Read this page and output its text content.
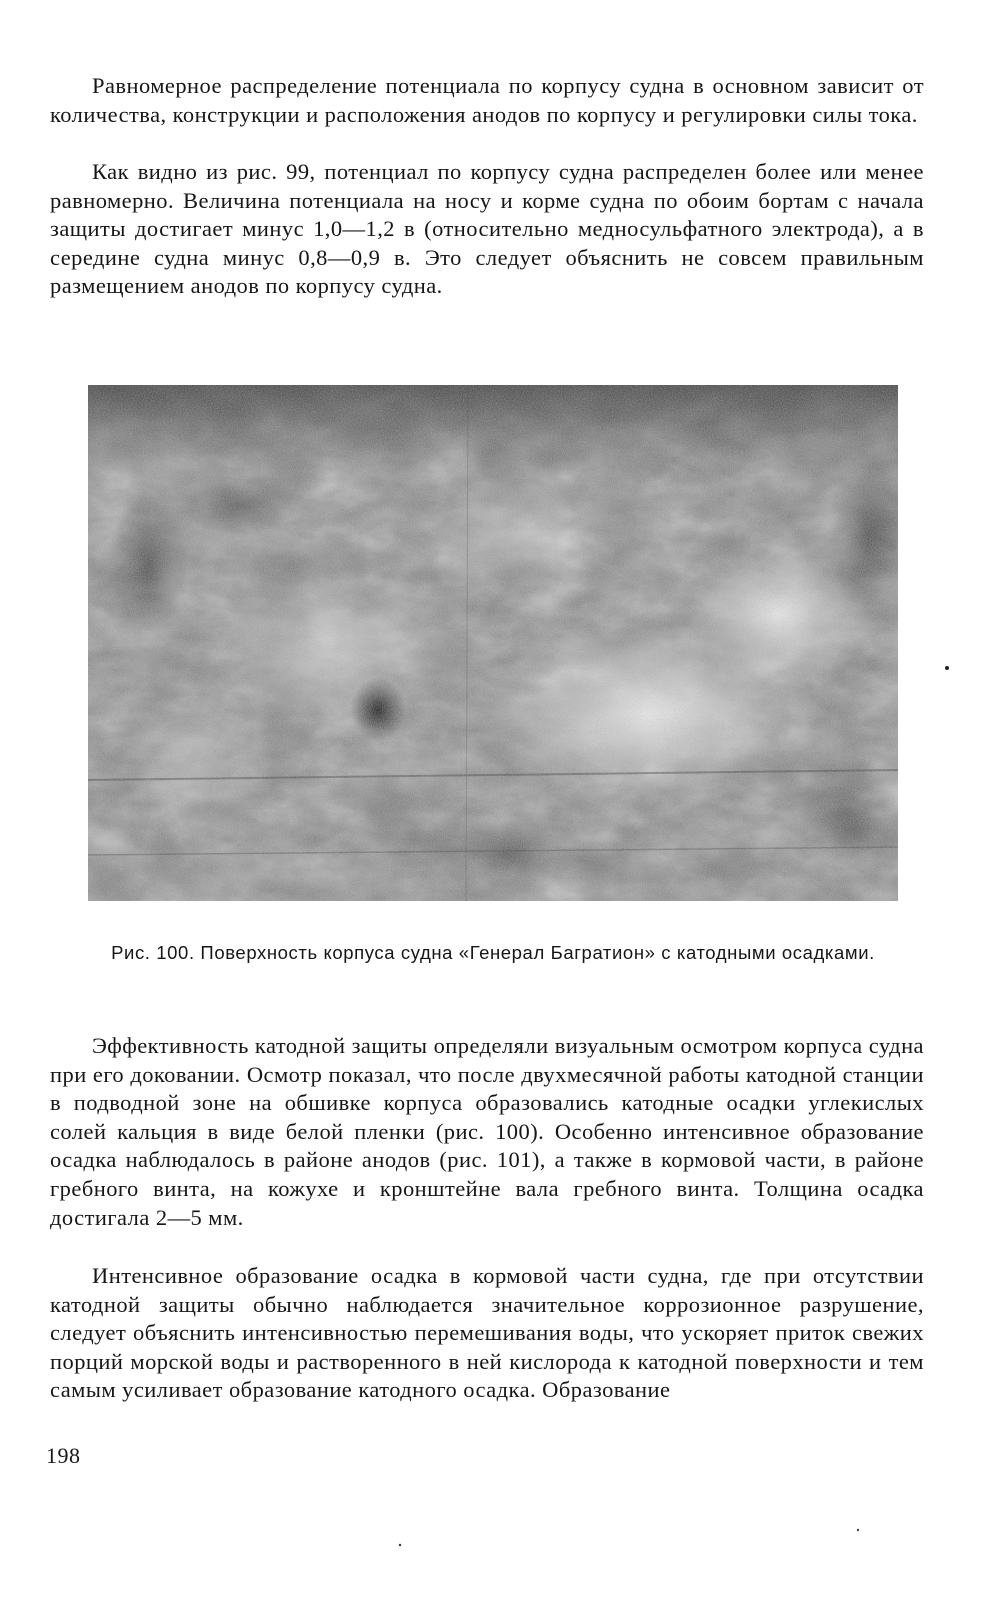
Равномерное распределение потенциала по корпусу судна в основном зависит от количества, конструкции и расположения анодов по корпусу и регулировки силы тока.

Как видно из рис. 99, потенциал по корпусу судна распределен более или менее равномерно. Величина потенциала на носу и корме судна по обоим бортам с начала защиты достигает минус 1,0—1,2 в (относительно медносульфатного электрода), а в середине судна минус 0,8—0,9 в. Это следует объяснить не совсем правильным размещением анодов по корпусу судна.

Рис. 100. Поверхность корпуса судна «Генерал Багратион» с катодными осадками.

Эффективность катодной защиты определяли визуальным осмотром корпуса судна при его доковании. Осмотр показал, что после двухмесячной работы катодной станции в подводной зоне на обшивке корпуса образовались катодные осадки углекислых солей кальция в виде белой пленки (рис. 100). Особенно интенсивное образование осадка наблюдалось в районе анодов (рис. 101), а также в кормовой части, в районе гребного винта, на кожухе и кронштейне вала гребного винта. Толщина осадка достигала 2—5 мм.

Интенсивное образование осадка в кормовой части судна, где при отсутствии катодной защиты обычно наблюдается значительное коррозионное разрушение, следует объяснить интенсивностью перемешивания воды, что ускоряет приток свежих порций морской воды и растворенного в ней кислорода к катодной поверхности и тем самым усиливает образование катодного осадка. Образование

198
